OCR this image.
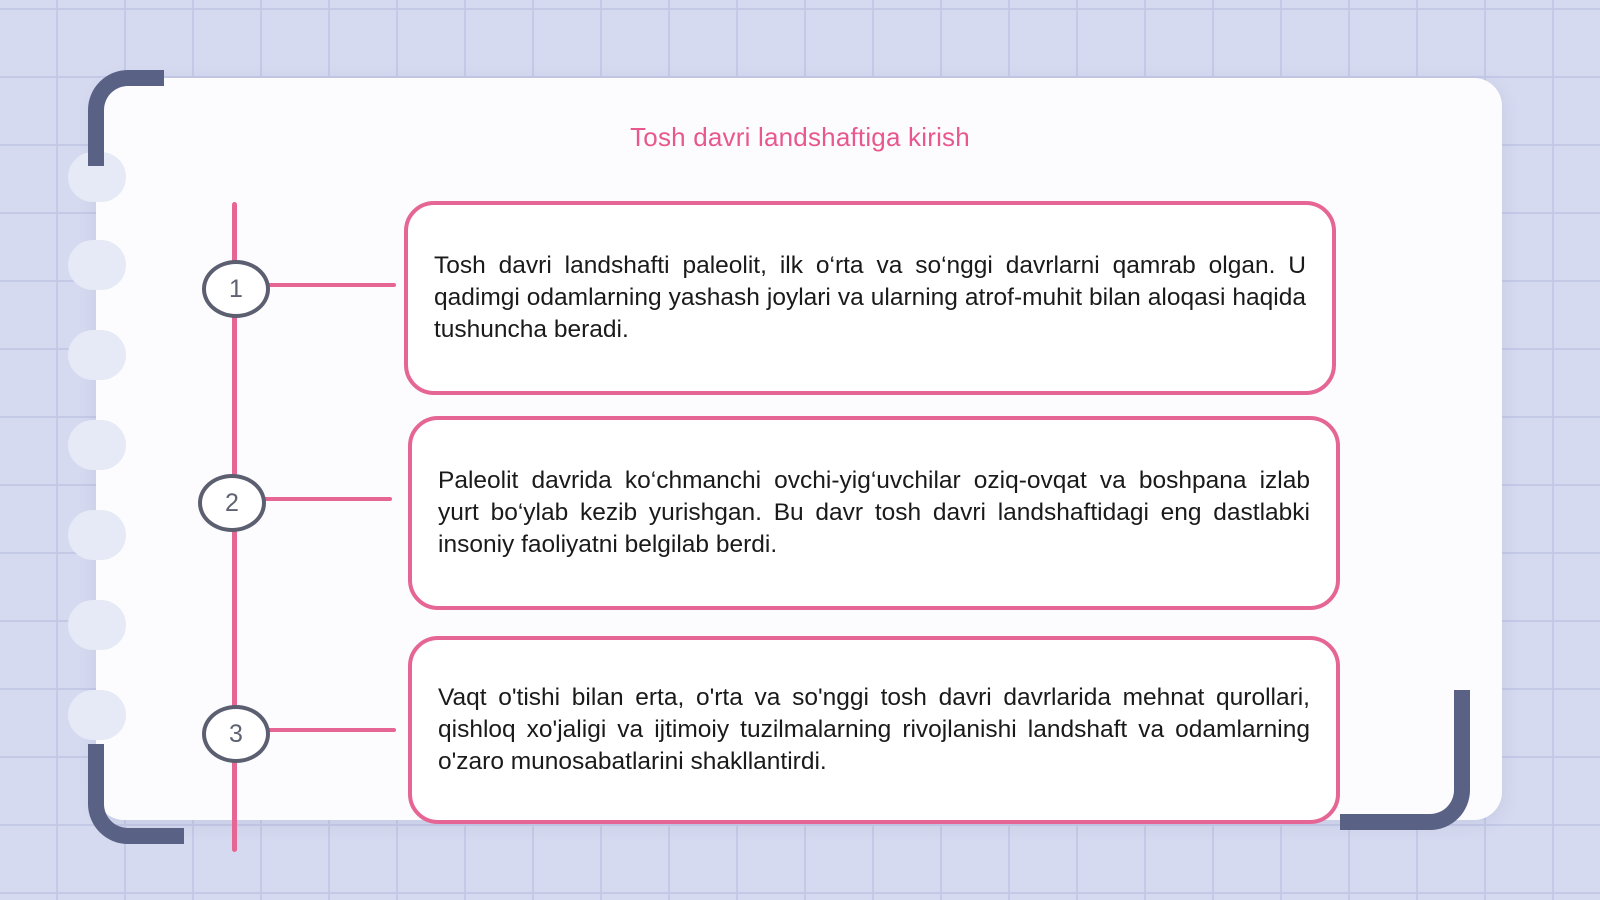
Tosh davri landshaftiga kirish
1
2
3

Tosh davri landshafti paleolit, ilk o‘rta va so‘nggi davrlarni qamrab olgan. U qadimgi odamlarning yashash joylari va ularning atrof-muhit bilan aloqasi haqida tushuncha beradi.

Paleolit davrida ko‘chmanchi ovchi-yig‘uvchilar oziq-ovqat va boshpana izlab yurt bo‘ylab kezib yurishgan. Bu davr tosh davri landshaftidagi eng dastlabki insoniy faoliyatni belgilab berdi.

Vaqt o'tishi bilan erta, o'rta va so'nggi tosh davri davrlarida mehnat qurollari, qishloq xo'jaligi va ijtimoiy tuzilmalarning rivojlanishi landshaft va odamlarning o'zaro munosabatlarini shakllantirdi.
